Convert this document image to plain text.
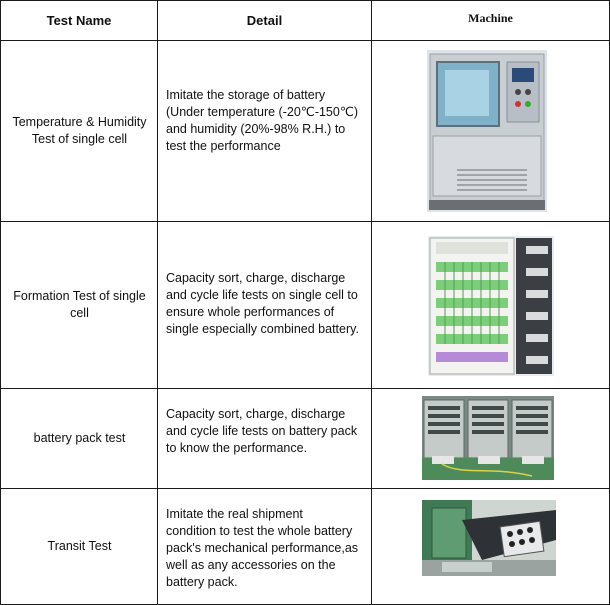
Test Name	Detail	Machine
Temperature & Humidity
Test of single cell
Imitate the storage of battery
(Under temperature (-20℃-150℃)
and humidity (20%-98% R.H.) to
test the performance
Formation Test of single
cell
Capacity sort, charge, discharge
and cycle life tests on single cell to
ensure whole performances of
single especially combined battery.
battery pack test
Capacity sort, charge, discharge
and cycle life tests on battery pack
to know the performance.
Transit Test
Imitate the real shipment
condition to test the whole battery
pack's mechanical performance,as
well as any accessories on the
battery pack.
